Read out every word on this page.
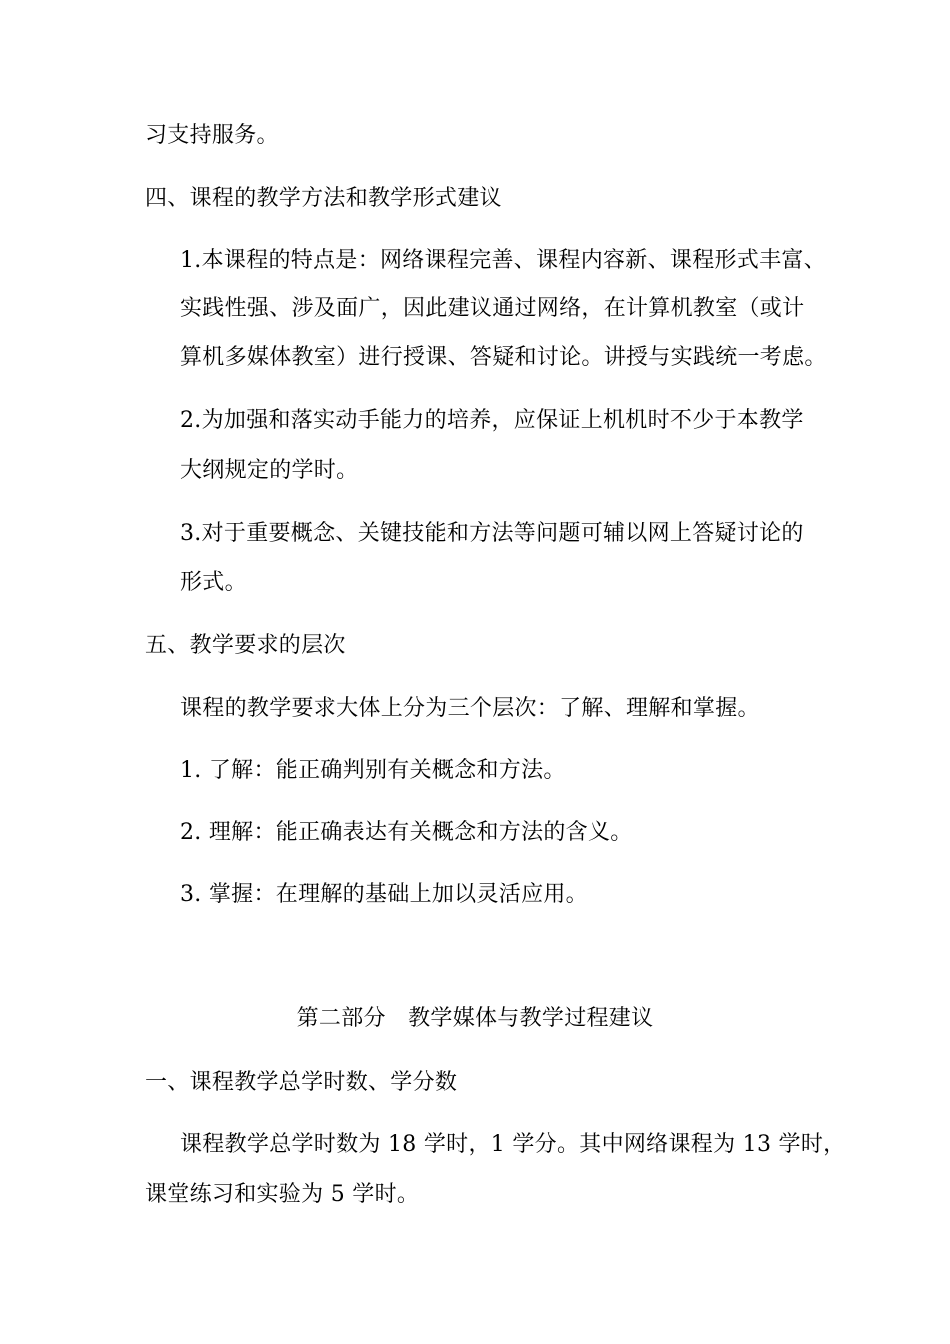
习支持服务。
四、课程的教学方法和教学形式建议
1.本课程的特点是：网络课程完善、课程内容新、课程形式丰富、
实践性强、涉及面广，因此建议通过网络，在计算机教室（或计
算机多媒体教室）进行授课、答疑和讨论。讲授与实践统一考虑。
2.为加强和落实动手能力的培养，应保证上机机时不少于本教学
大纲规定的学时。
3.对于重要概念、关键技能和方法等问题可辅以网上答疑讨论的
形式。
五、教学要求的层次
课程的教学要求大体上分为三个层次：了解、理解和掌握。
1. 了解：能正确判别有关概念和方法。
2. 理解：能正确表达有关概念和方法的含义。
3. 掌握：在理解的基础上加以灵活应用。
第二部分　教学媒体与教学过程建议
一、课程教学总学时数、学分数
课程教学总学时数为 18 学时，1 学分。其中网络课程为 13 学时，
课堂练习和实验为 5 学时。
